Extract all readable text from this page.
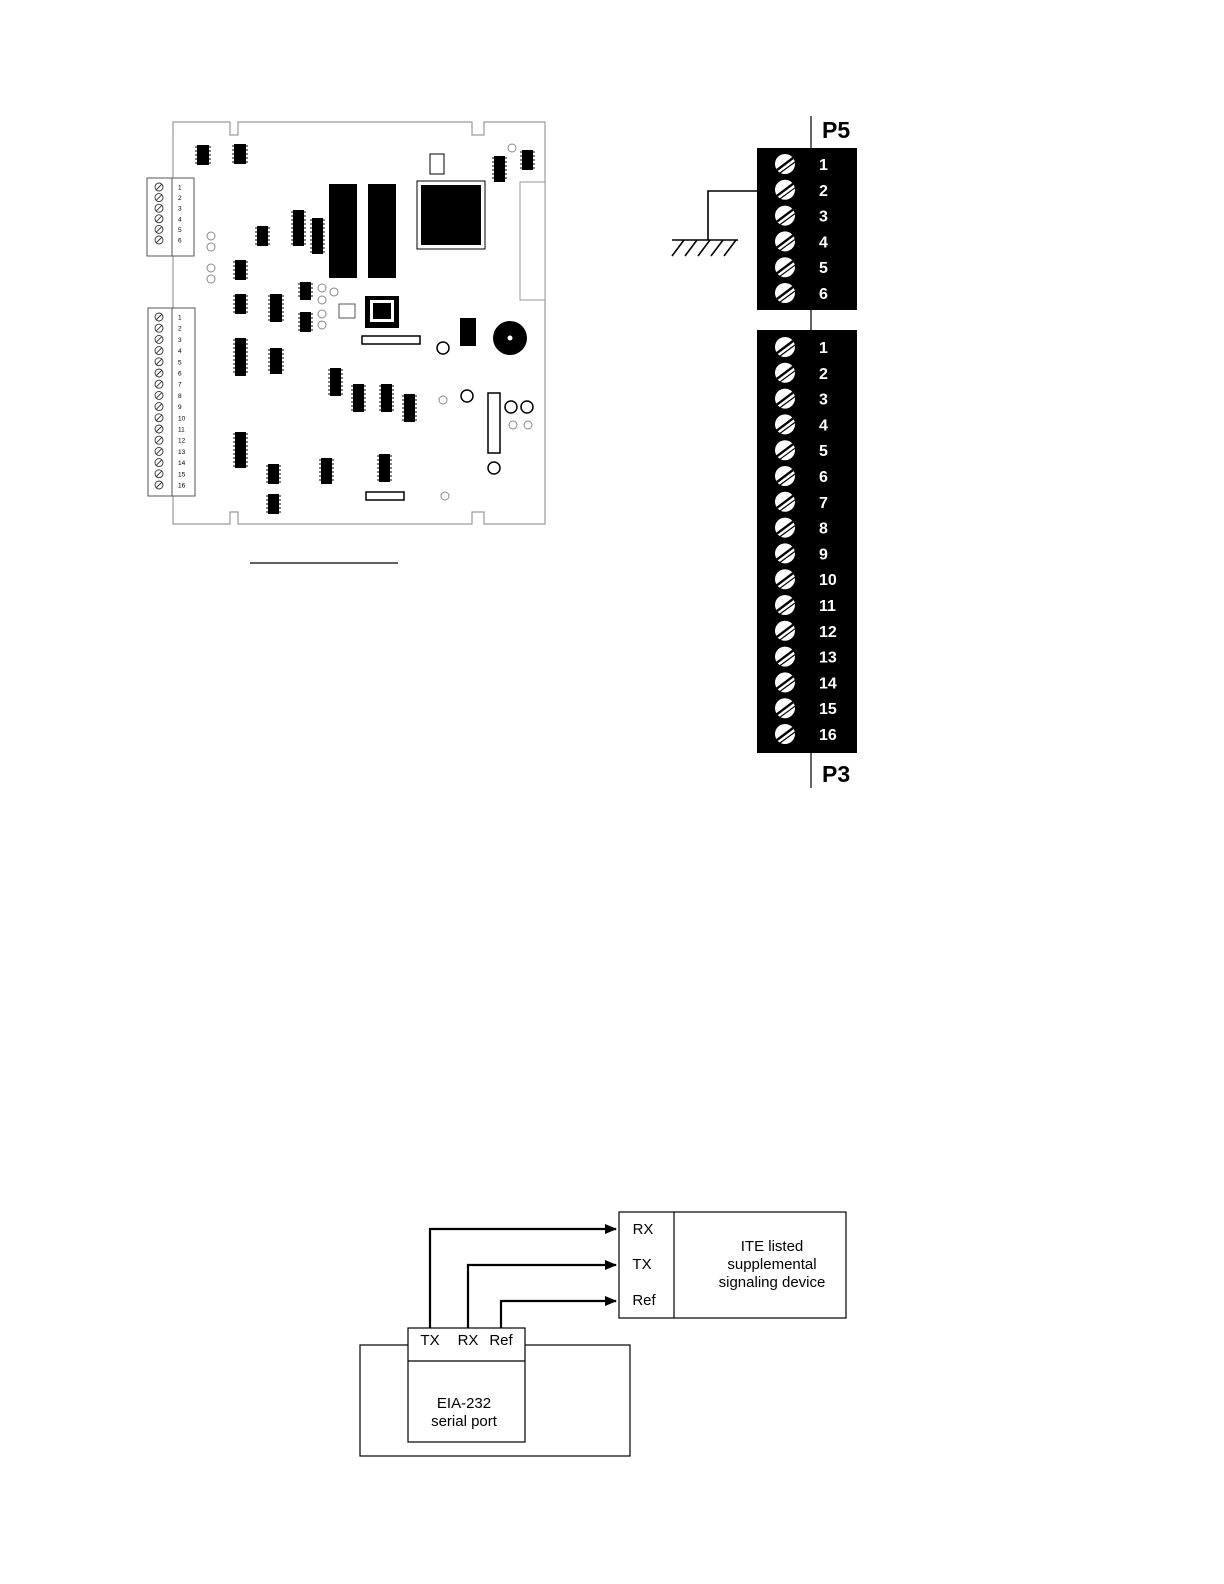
1
2
3
4
5
6
1
2
3
4
5
6
7
8
9
10
11
12
13
14
15
16
P5
P3
1
2
3
4
5
6
1
2
3
4
5
6
7
8
9
10
11
12
13
14
15
16
TX RX Ref
EIA-232
serial port
RX
TX
Ref
ITE listed
supplemental
signaling device
